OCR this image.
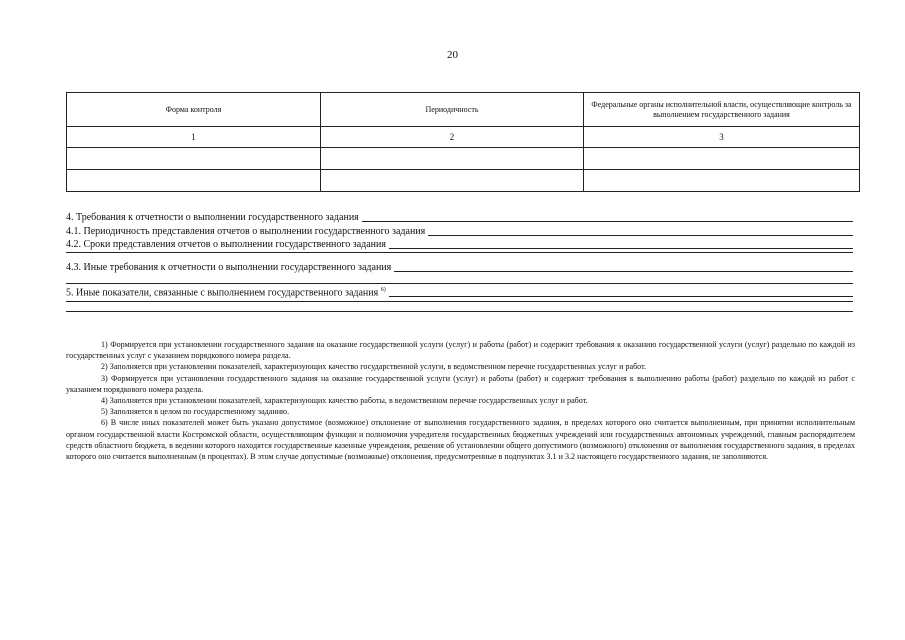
20
Форма контроля	Периодичность	Федеральные органы исполнительной власти, осуществляющие контроль за выполнением государственного задания
1	2	3

4. Требования к отчетности о выполнении государственного задания
4.1. Периодичность представления отчетов о выполнении государственного задания
4.2. Сроки представления отчетов о выполнении государственного задания
4.3. Иные требования к отчетности о выполнении государственного задания
5. Иные показатели, связанные с выполнением государственного задания $^{6)}$

1) Формируется при установлении государственного задания на оказание государственной услуги (услуг) и работы (работ) и содержит требования к оказанию государственной услуги (услуг) раздельно по каждой из государственных услуг с указанием порядкового номера раздела.

2) Заполняется при установлении показателей, характеризующих качество государственной услуги, в ведомственном перечне государственных услуг и работ.

3) Формируется при установлении государственного задания на оказание государственной услуги (услуг) и работы (работ) и содержит требования к выполнению работы (работ) раздельно по каждой из работ с указанием порядкового номера раздела.

4) Заполняется при установлении показателей, характеризующих качество работы, в ведомственном перечне государственных услуг и работ.

5) Заполняется в целом по государственному заданию.

6) В числе иных показателей может быть указано допустимое (возможное) отклонение от выполнения государственного задания, в пределах которого оно считается выполненным, при принятии исполнительным органом государственной власти Костромской области, осуществляющим функции и полномочия учредителя государственных бюджетных учреждений или государственных автономных учреждений, главным распорядителем средств областного бюджета, в ведении которого находятся государственные казенные учреждения, решения об установлении общего допустимого (возможного) отклонения от выполнения государственного задания, в пределах которого оно считается выполненным (в процентах). В этом случае допустимые (возможные) отклонения, предусмотренные в подпунктах 3.1 и 3.2 настоящего государственного задания, не заполняются.
